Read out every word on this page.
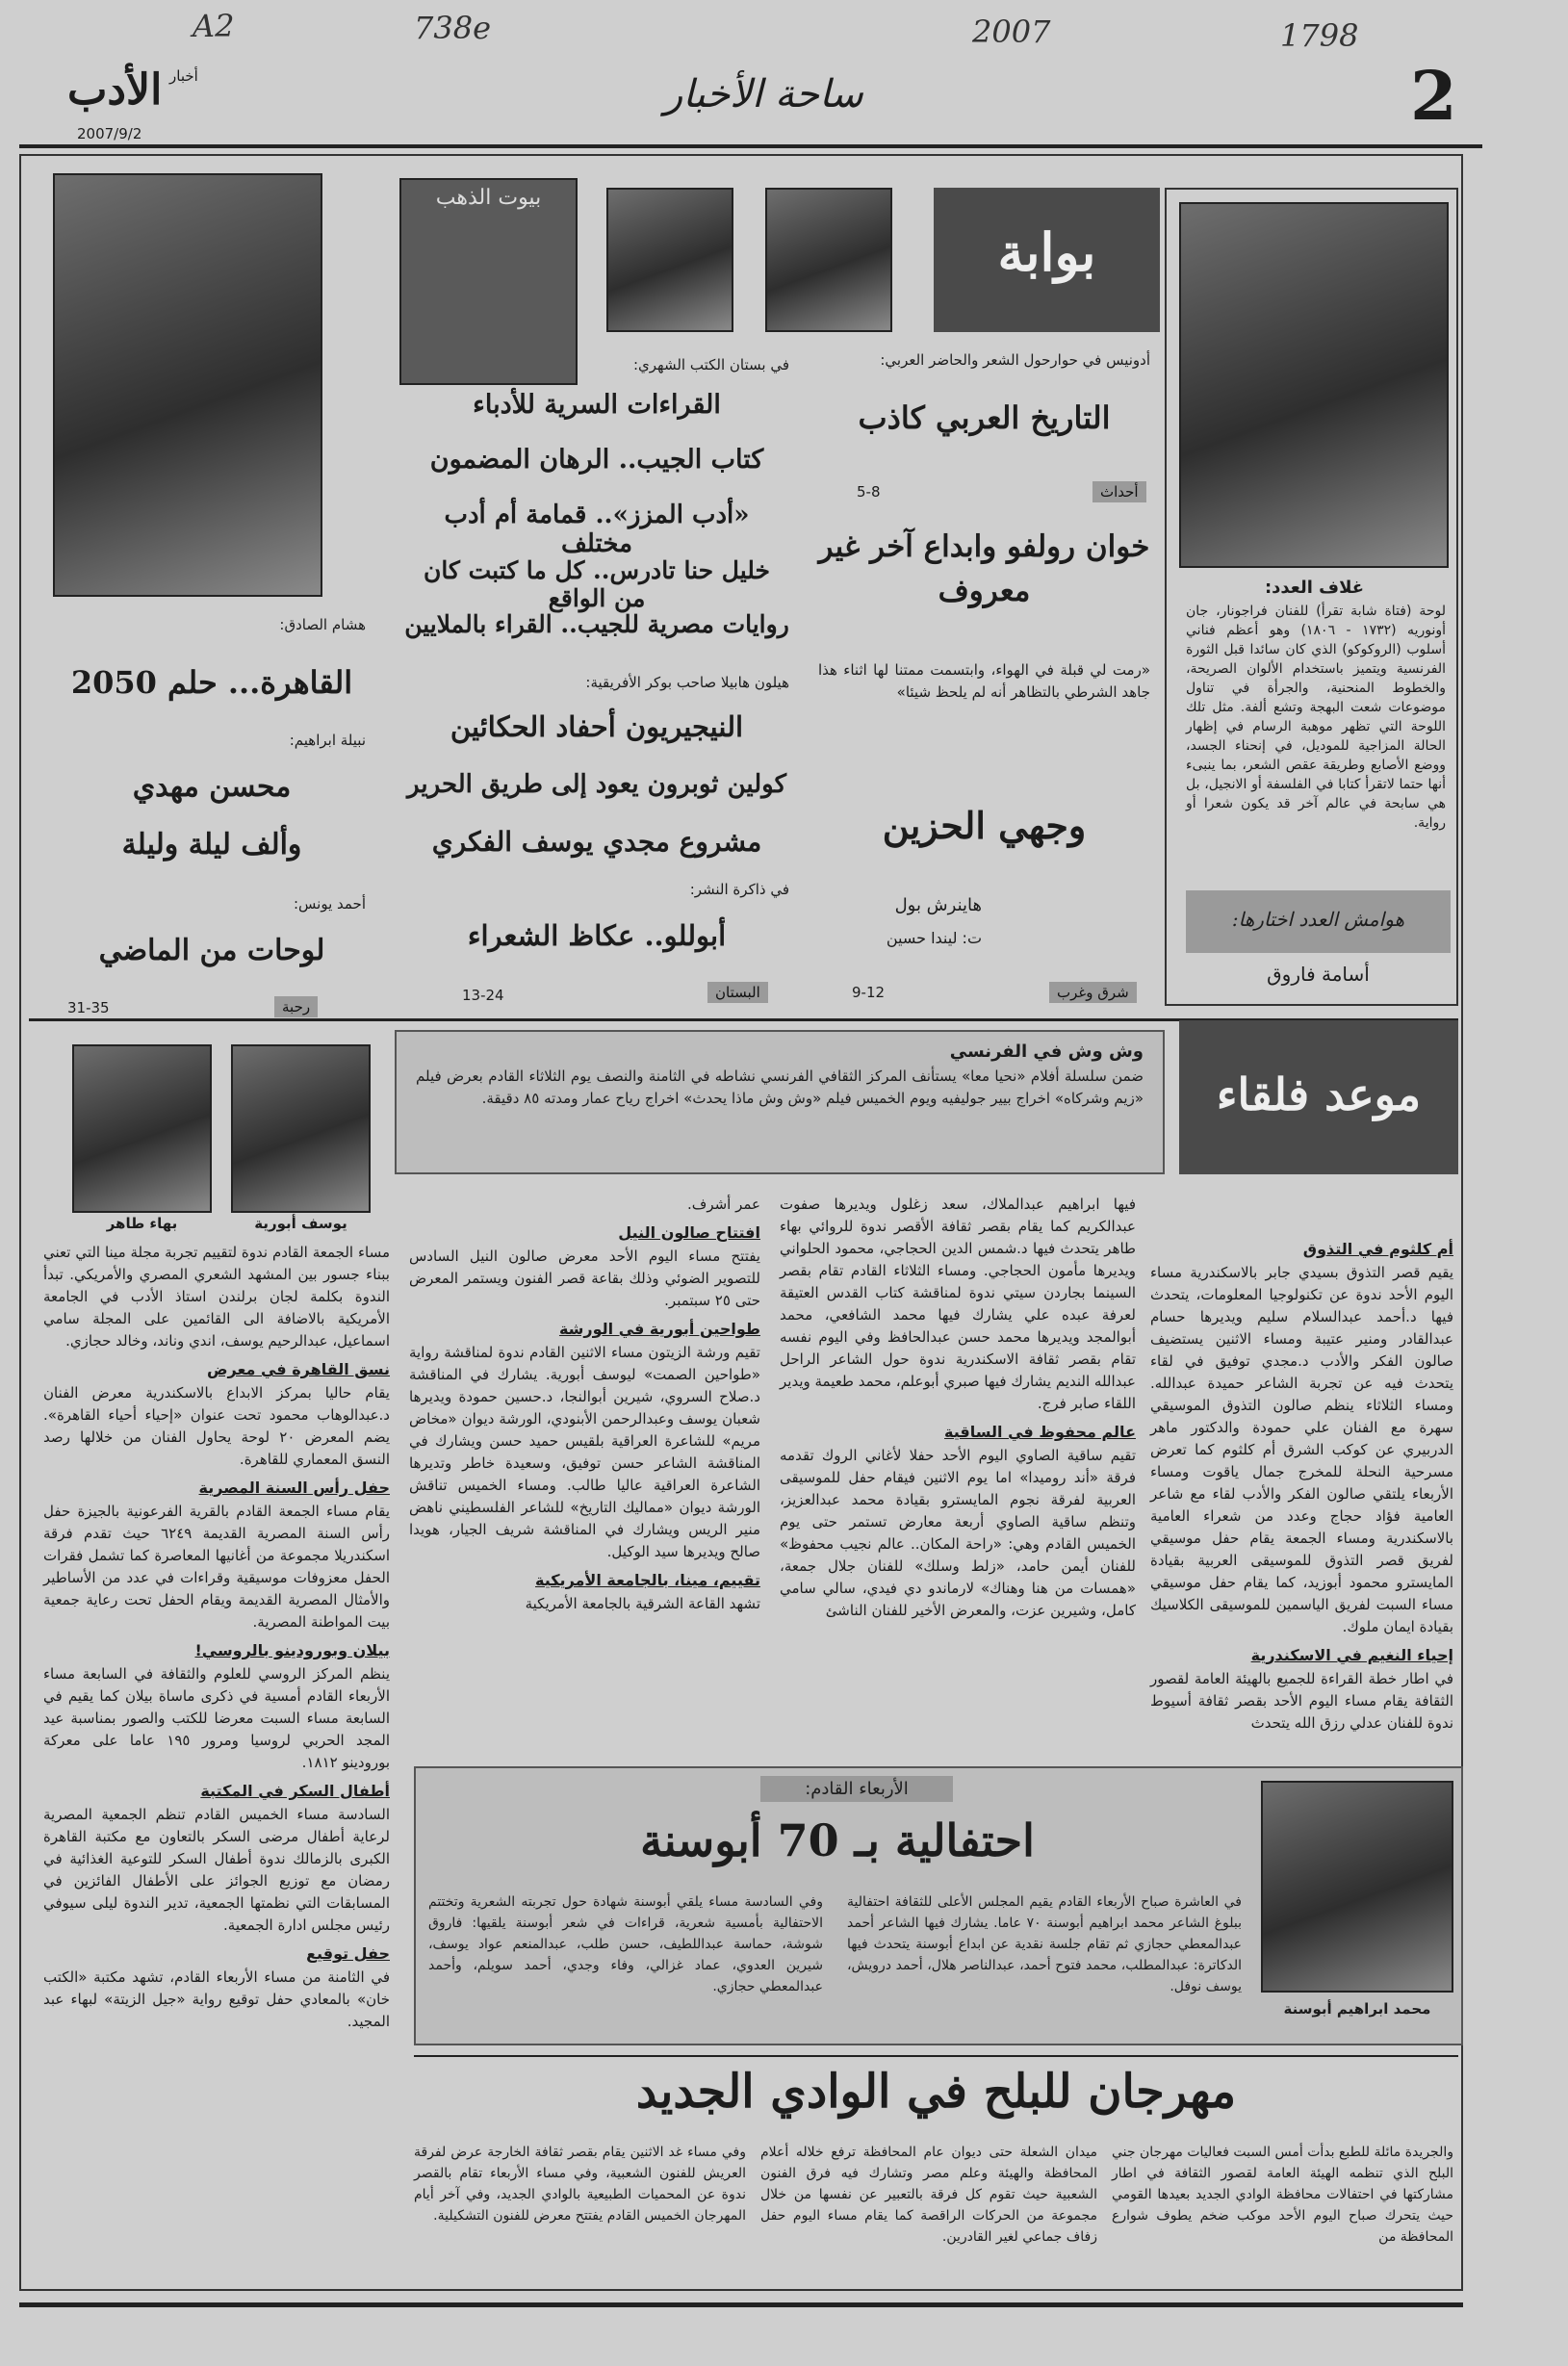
A2	738e	2007	1798
2
ساحة الأخبار
الأدب أخبار
2007/9/2
غلاف العدد:
لوحة (فتاة شابة تقرأ) للفنان فراجونار، جان أونوريه (١٧٣٢ - ١٨٠٦) وهو أعظم فناني أسلوب (الروكوكو) الذي كان سائدا قبل الثورة الفرنسية ويتميز باستخدام الألوان الصريحة، والخطوط المنحنية، والجرأة في تناول موضوعات شعت البهجة وتشع ألفة. مثل تلك اللوحة التي تظهر موهبة الرسام في إظهار الحالة المزاجية للموديل، في إنحناء الجسد، ووضع الأصابع وطريقة عقص الشعر، بما ينبىء أنها حتما لاتقرأ كتابا في الفلسفة أو الانجيل، بل هي سابحة في عالم آخر قد يكون شعرا أو رواية.
هوامش العدد اختارها:
أسامة فاروق
بوابة
بيوت الذهب
أدونيس في حوارحول الشعر والحاضر العربي:
التاريخ العربي كاذب
أحداث
5-8
خوان رولفو وابداع آخر غير معروف
«رمت لي قبلة في الهواء، وابتسمت ممتنا لها اثناء هذا جاهد الشرطي بالتظاهر أنه لم يلحظ شيئا»
وجهي الحزين
هاينرش بول
ت: ليندا حسين
شرق وغرب
9-12
في بستان الكتب الشهري:
القراءات السرية للأدباء
كتاب الجيب.. الرهان المضمون
«أدب المزز».. قمامة أم أدب مختلف
خليل حنا تادرس.. كل ما كتبت كان من الواقع
روايات مصرية للجيب.. القراء بالملايين
هيلون هابيلا صاحب بوكر الأفريقية:
النيجيريون أحفاد الحكائين
كولين ثوبرون يعود إلى طريق الحرير
مشروع مجدي يوسف الفكري
في ذاكرة النشر:
أبوللو.. عكاظ الشعراء
البستان
13-24
هشام الصادق:
القاهرة... حلم 2050
نبيلة ابراهيم:
محسن مهدي
وألف ليلة وليلة
أحمد يونس:
لوحات من الماضي
رحبة
31-35
وش وش في الفرنسي
ضمن سلسلة أفلام «نحيا معا» يستأنف المركز الثقافي الفرنسي نشاطه في الثامنة والنصف يوم الثلاثاء القادم بعرض فيلم «زيم وشركاه» اخراج بيير جوليفيه ويوم الخميس فيلم «وش وش ماذا يحدث» اخراج رياح عمار ومدته ٨٥ دقيقة.
يوسف أبورية
بهاء طاهر
موعد فلقاء
أم كلثوم في التذوق
يقيم قصر التذوق بسيدي جابر بالاسكندرية مساء اليوم الأحد ندوة عن تكنولوجيا المعلومات، يتحدث فيها د.أحمد عبدالسلام سليم ويديرها حسام عبدالقادر ومنير عتيبة ومساء الاثنين يستضيف صالون الفكر والأدب د.مجدي توفيق في لقاء يتحدث فيه عن تجربة الشاعر حميدة عبدالله. ومساء الثلاثاء ينظم صالون التذوق الموسيقي سهرة مع الفنان علي حمودة والدكتور ماهر الدربيري عن كوكب الشرق أم كلثوم كما تعرض مسرحية النحلة للمخرج جمال ياقوت ومساء الأربعاء يلتقي صالون الفكر والأدب لقاء مع شاعر العامية فؤاد حجاج وعدد من شعراء العامية بالاسكندرية ومساء الجمعة يقام حفل موسيقي لفريق قصر التذوق للموسيقى العربية بقيادة المايسترو محمود أبوزيد، كما يقام حفل موسيقي مساء السبت لفريق الياسمين للموسيقى الكلاسيك بقيادة ايمان ملوك.
إحياء النغيم في الاسكندرية
في اطار خطة القراءة للجميع بالهيئة العامة لقصور الثقافة يقام مساء اليوم الأحد بقصر ثقافة أسيوط ندوة للفنان عدلي رزق الله يتحدث
فيها ابراهيم عبدالملاك، سعد زغلول ويديرها صفوت عبدالكريم كما يقام بقصر ثقافة الأقصر ندوة للروائي بهاء طاهر يتحدث فيها د.شمس الدين الحجاجي، محمود الحلواني ويديرها مأمون الحجاجي. ومساء الثلاثاء القادم تقام بقصر السينما بجاردن سيتي ندوة لمناقشة كتاب القدس العتيقة لعرفة عبده علي يشارك فيها محمد الشافعي، محمد أبوالمجد ويديرها محمد حسن عبدالحافظ وفي اليوم نفسه تقام بقصر ثقافة الاسكندرية ندوة حول الشاعر الراحل عبدالله النديم يشارك فيها صبري أبوعلم، محمد طعيمة ويدير اللقاء صابر فرج.
عالم محفوظ في الساقية
تقيم ساقية الصاوي اليوم الأحد حفلا لأغاني الروك تقدمه فرقة «أند روميدا» اما يوم الاثنين فيقام حفل للموسيقى العربية لفرقة نجوم المايسترو بقيادة محمد عبدالعزيز، وتنظم ساقية الصاوي أربعة معارض تستمر حتى يوم الخميس القادم وهي: «راحة المكان.. عالم نجيب محفوظ» للفنان أيمن حامد، «زلط وسلك» للفنان جلال جمعة، «همسات من هنا وهناك» لارماندو دي فيدي، سالي سامي كامل، وشيرين عزت، والمعرض الأخير للفنان الناشئ
عمر أشرف.
افتتاح صالون النيل
يفتتح مساء اليوم الأحد معرض صالون النيل السادس للتصوير الضوئي وذلك بقاعة قصر الفنون ويستمر المعرض حتى ٢٥ سبتمبر.
طواحين أبورية في الورشة
تقيم ورشة الزيتون مساء الاثنين القادم ندوة لمناقشة رواية «طواحين الصمت» ليوسف أبورية. يشارك في المناقشة د.صلاح السروي، شيرين أبوالنجا، د.حسين حمودة ويديرها شعبان يوسف وعبدالرحمن الأبنودي، الورشة ديوان «مخاض مريم» للشاعرة العراقية بلقيس حميد حسن ويشارك في المناقشة الشاعر حسن توفيق، وسعيدة خاطر وتديرها الشاعرة العراقية عاليا طالب. ومساء الخميس تناقش الورشة ديوان «مماليك التاريخ» للشاعر الفلسطيني ناهض منير الريس ويشارك في المناقشة شريف الجيار، هويدا صالح ويديرها سيد الوكيل.
تقييم، مينا، بالجامعة الأمريكية
تشهد القاعة الشرقية بالجامعة الأمريكية
مساء الجمعة القادم ندوة لتقييم تجربة مجلة مينا التي تعني ببناء جسور بين المشهد الشعري المصري والأمريكي. تبدأ الندوة بكلمة لجان برلندن استاذ الأدب في الجامعة الأمريكية بالاضافة الى القائمين على المجلة سامي اسماعيل، عبدالرحيم يوسف، اندي وناند، وخالد حجازي.
نسق القاهرة في معرض
يقام حاليا بمركز الابداع بالاسكندرية معرض الفنان د.عبدالوهاب محمود تحت عنوان «إحياء أحياء القاهرة». يضم المعرض ٢٠ لوحة يحاول الفنان من خلالها رصد النسق المعماري للقاهرة.
حفل رأس السنة المصرية
يقام مساء الجمعة القادم بالقرية الفرعونية بالجيزة حفل رأس السنة المصرية القديمة ٦٢٤٩ حيث تقدم فرقة اسكندريلا مجموعة من أغانيها المعاصرة كما تشمل فقرات الحفل معزوفات موسيقية وقراءات في عدد من الأساطير والأمثال المصرية القديمة ويقام الحفل تحت رعاية جمعية بيت المواطنة المصرية.
بيلان وبورودينو بالروسي!
ينظم المركز الروسي للعلوم والثقافة في السابعة مساء الأربعاء القادم أمسية في ذكرى ماساة بيلان كما يقيم في السابعة مساء السبت معرضا للكتب والصور بمناسبة عيد المجد الحربي لروسيا ومرور ١٩٥ عاما على معركة بورودينو ١٨١٢.
أطفال السكر في المكتبة
السادسة مساء الخميس القادم تنظم الجمعية المصرية لرعاية أطفال مرضى السكر بالتعاون مع مكتبة القاهرة الكبرى بالزمالك ندوة أطفال السكر للتوعية الغذائية في رمضان مع توزيع الجوائز على الأطفال الفائزين في المسابقات التي نظمتها الجمعية، تدير الندوة ليلى سيوفي رئيس مجلس ادارة الجمعية.
حفل توقيع
في الثامنة من مساء الأربعاء القادم، تشهد مكتبة «الكتب خان» بالمعادي حفل توقيع رواية «جيل الزيتة» لبهاء عبد المجيد.
الأربعاء القادم:
احتفالية بـ 70 أبوسنة
محمد ابراهيم أبوسنة
في العاشرة صباح الأربعاء القادم يقيم المجلس الأعلى للثقافة احتفالية ببلوغ الشاعر محمد ابراهيم أبوسنة ٧٠ عاما. يشارك فيها الشاعر أحمد عبدالمعطي حجازي ثم تقام جلسة نقدية عن ابداع أبوسنة يتحدث فيها الدكاترة: عبدالمطلب، محمد فتوح أحمد، عبدالناصر هلال، أحمد درويش، يوسف نوفل.
وفي السادسة مساء يلقي أبوسنة شهادة حول تجربته الشعرية وتختتم الاحتفالية بأمسية شعرية، قراءات في شعر أبوسنة يلقيها: فاروق شوشة، حماسة عبداللطيف، حسن طلب، عبدالمنعم عواد يوسف، شيرين العدوي، عماد غزالي، وفاء وجدي، أحمد سويلم، وأحمد عبدالمعطي حجازي.
مهرجان للبلح في الوادي الجديد
والجريدة مائلة للطبع بدأت أمس السبت فعاليات مهرجان جني البلح الذي تنظمه الهيئة العامة لقصور الثقافة في اطار مشاركتها في احتفالات محافظة الوادي الجديد بعيدها القومي حيث يتحرك صباح اليوم الأحد موكب ضخم يطوف شوارع المحافظة من
ميدان الشعلة حتى ديوان عام المحافظة ترفع خلاله أعلام المحافظة والهيئة وعلم مصر وتشارك فيه فرق الفنون الشعبية حيث تقوم كل فرقة بالتعبير عن نفسها من خلال مجموعة من الحركات الراقصة كما يقام مساء اليوم حفل زفاف جماعي لغير القادرين.
وفي مساء غد الاثنين يقام بقصر ثقافة الخارجة عرض لفرقة العريش للفنون الشعبية، وفي مساء الأربعاء تقام بالقصر ندوة عن المحميات الطبيعية بالوادي الجديد، وفي آخر أيام المهرجان الخميس القادم يفتتح معرض للفنون التشكيلية.
